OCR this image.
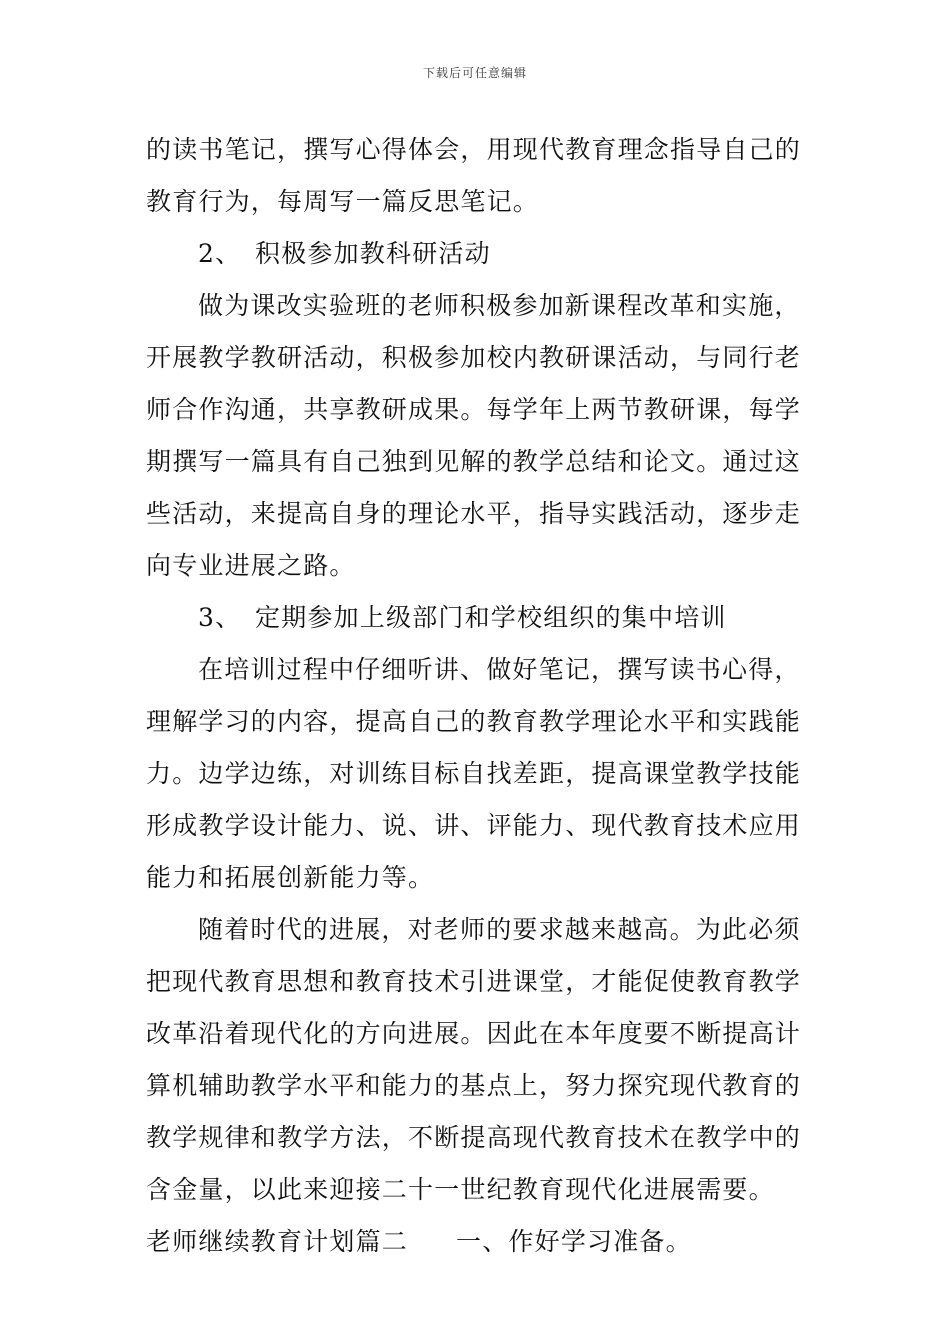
下载后可任意编辑
的读书笔记，撰写心得体会，用现代教育理念指导自己的
教育行为，每周写一篇反思笔记。
2、　积极参加教科研活动
做为课改实验班的老师积极参加新课程改革和实施，
开展教学教研活动，积极参加校内教研课活动，与同行老
师合作沟通，共享教研成果。每学年上两节教研课，每学
期撰写一篇具有自己独到见解的教学总结和论文。通过这
些活动，来提高自身的理论水平，指导实践活动，逐步走
向专业进展之路。
3、　定期参加上级部门和学校组织的集中培训
在培训过程中仔细听讲、做好笔记，撰写读书心得，
理解学习的内容，提高自己的教育教学理论水平和实践能
力。边学边练，对训练目标自找差距，提高课堂教学技能
形成教学设计能力、说、讲、评能力、现代教育技术应用
能力和拓展创新能力等。
随着时代的进展，对老师的要求越来越高。为此必须
把现代教育思想和教育技术引进课堂，才能促使教育教学
改革沿着现代化的方向进展。因此在本年度要不断提高计
算机辅助教学水平和能力的基点上，努力探究现代教育的
教学规律和教学方法，不断提高现代教育技术在教学中的
含金量，以此来迎接二十一世纪教育现代化进展需要。
老师继续教育计划篇二 一、作好学习准备。
